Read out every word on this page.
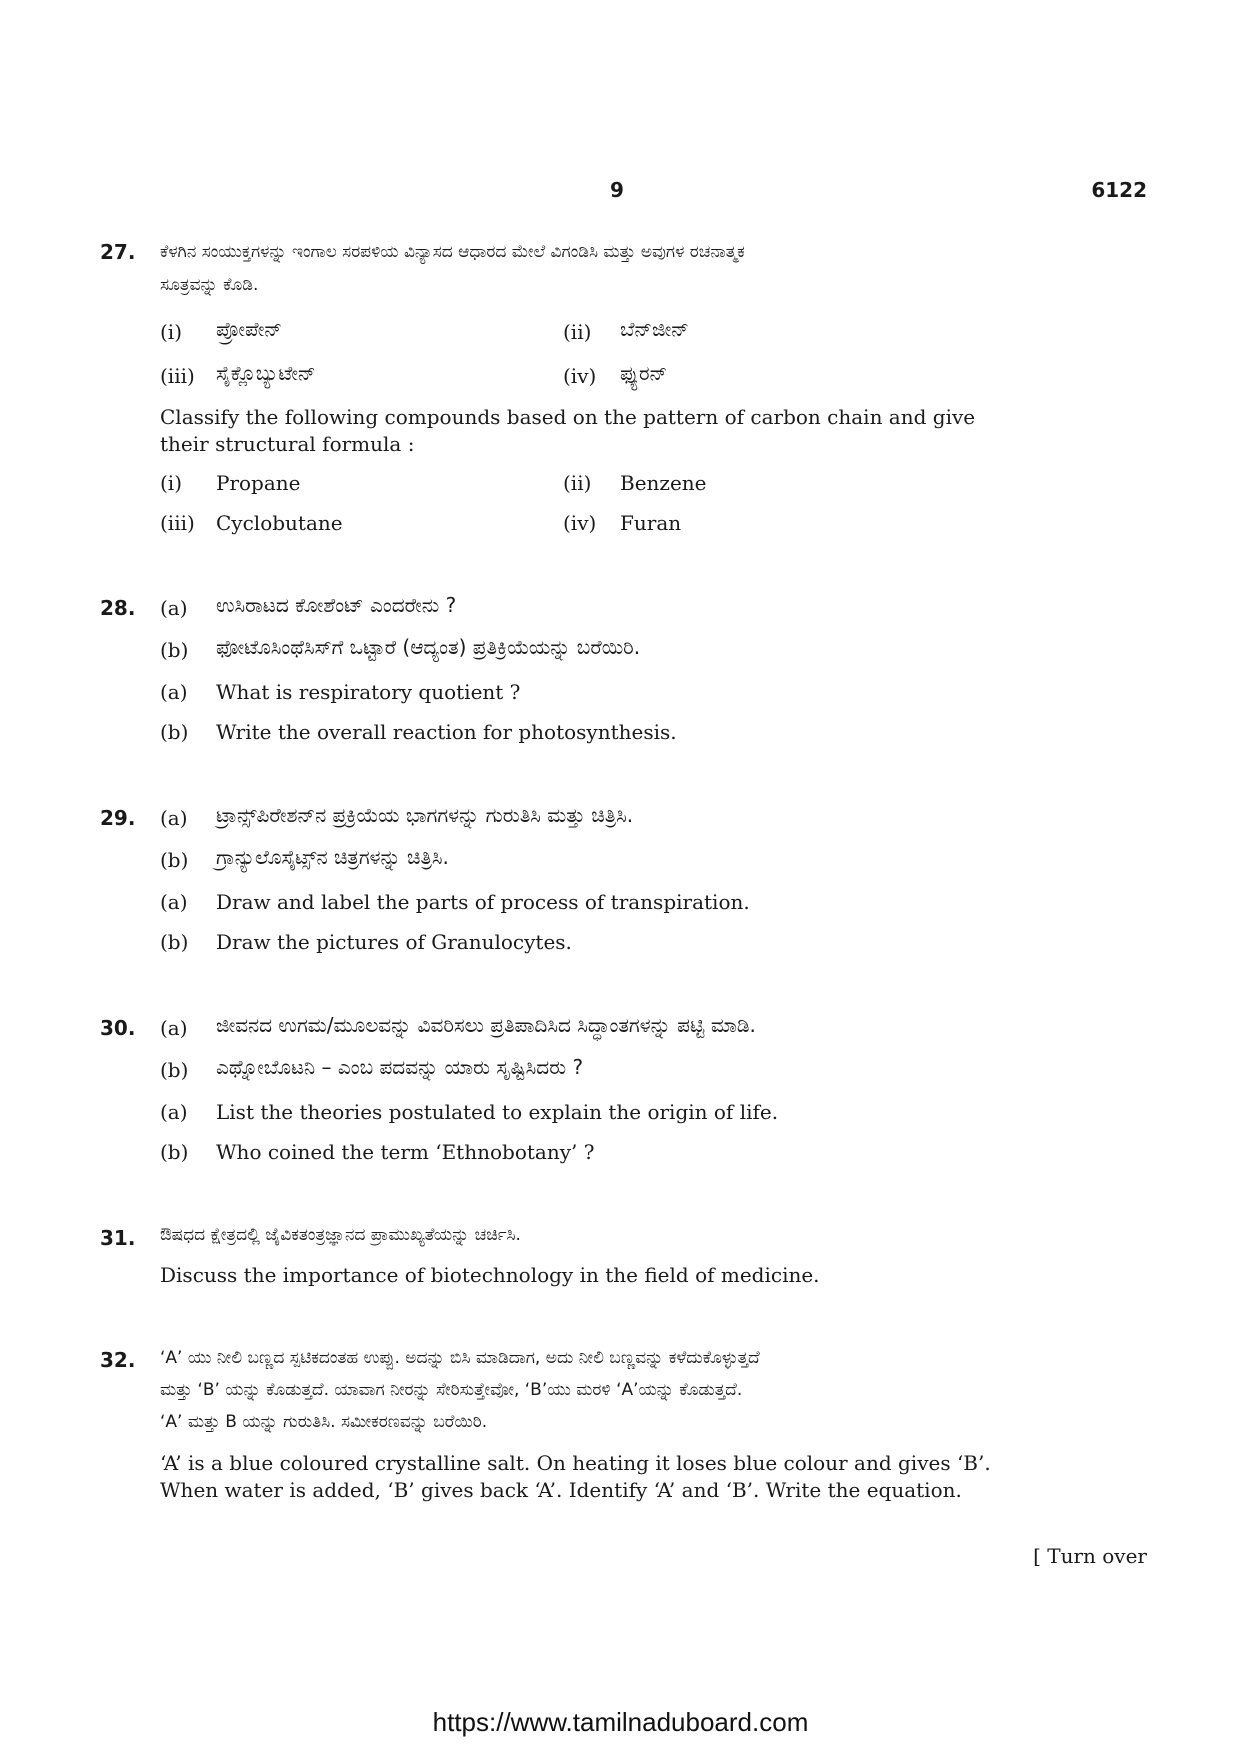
9	6122
27. ಕೆಳಗಿನ ಸಂಯುಕ್ತಗಳನ್ನು ಇಂಗಾಲ ಸರಪಳಿಯ ವಿನ್ಯಾಸದ ಆಧಾರದ ಮೇಲೆ ವಿಗಂಡಿಸಿ ಮತ್ತು ಅವುಗಳ ರಚನಾತ್ಮಕ
ಸೂತ್ರವನ್ನು ಕೊಡಿ.
(i) ಪ್ರೋಪೇನ್	(ii) ಬೆನ್‌ಜೀನ್
(iii) ಸೈಕ್ಲೊಬ್ಯುಟೇನ್	(iv) ಫ್ಯುರನ್
Classify the following compounds based on the pattern of carbon chain and give
their structural formula :
(i) Propane	(ii) Benzene
(iii) Cyclobutane	(iv) Furan
28. (a) ಉಸಿರಾಟದ ಕೋಶೆಂಟ್ ಎಂದರೇನು ?
(b) ಫೋಟೊಸಿಂಥೆಸಿಸ್‌ಗೆ ಒಟ್ಟಾರೆ (ಆದ್ಯಂತ) ಪ್ರತಿಕ್ರಿಯೆಯನ್ನು ಬರೆಯಿರಿ.
(a) What is respiratory quotient ?
(b) Write the overall reaction for photosynthesis.
29. (a) ಟ್ರಾನ್ಸ್‌ಪಿರೇಶನ್‌ನ ಪ್ರಕ್ರಿಯೆಯ ಭಾಗಗಳನ್ನು ಗುರುತಿಸಿ ಮತ್ತು ಚಿತ್ರಿಸಿ.
(b) ಗ್ರಾನ್ಯುಲೊಸೈಟ್ಸ್‌ನ ಚಿತ್ರಗಳನ್ನು ಚಿತ್ರಿಸಿ.
(a) Draw and label the parts of process of transpiration.
(b) Draw the pictures of Granulocytes.
30. (a) ಜೀವನದ ಉಗಮ/ಮೂಲವನ್ನು ವಿವರಿಸಲು ಪ್ರತಿಪಾದಿಸಿದ ಸಿದ್ಧಾಂತಗಳನ್ನು ಪಟ್ಟಿ ಮಾಡಿ.
(b) ಎಥ್ನೋಬೊಟನಿ – ಎಂಬ ಪದವನ್ನು ಯಾರು ಸೃಷ್ಟಿಸಿದರು ?
(a) List the theories postulated to explain the origin of life.
(b) Who coined the term ‘Ethnobotany’ ?
31. ಔಷಧದ ಕ್ಷೇತ್ರದಲ್ಲಿ ಜೈವಿಕತಂತ್ರಜ್ಞಾನದ ಪ್ರಾಮುಖ್ಯತೆಯನ್ನು ಚರ್ಚಿಸಿ.
Discuss the importance of biotechnology in the field of medicine.
32. ‘A’ ಯು ನೀಲಿ ಬಣ್ಣದ ಸ್ಪಟಿಕದಂತಹ ಉಪ್ಪು. ಅದನ್ನು ಬಿಸಿ ಮಾಡಿದಾಗ, ಅದು ನೀಲಿ ಬಣ್ಣವನ್ನು ಕಳೆದುಕೊಳ್ಳುತ್ತದೆ
ಮತ್ತು ‘B’ ಯನ್ನು ಕೊಡುತ್ತದೆ. ಯಾವಾಗ ನೀರನ್ನು ಸೇರಿಸುತ್ತೇವೋ, ‘B’ಯು ಮರಳಿ ‘A’ಯನ್ನು ಕೊಡುತ್ತದೆ.
‘A’ ಮತ್ತು B ಯನ್ನು ಗುರುತಿಸಿ. ಸಮೀಕರಣವನ್ನು ಬರೆಯಿರಿ.
‘A’ is a blue coloured crystalline salt. On heating it loses blue colour and gives ‘B’.
When water is added, ‘B’ gives back ‘A’. Identify ‘A’ and ‘B’. Write the equation.
[ Turn over
https://www.tamilnaduboard.com
